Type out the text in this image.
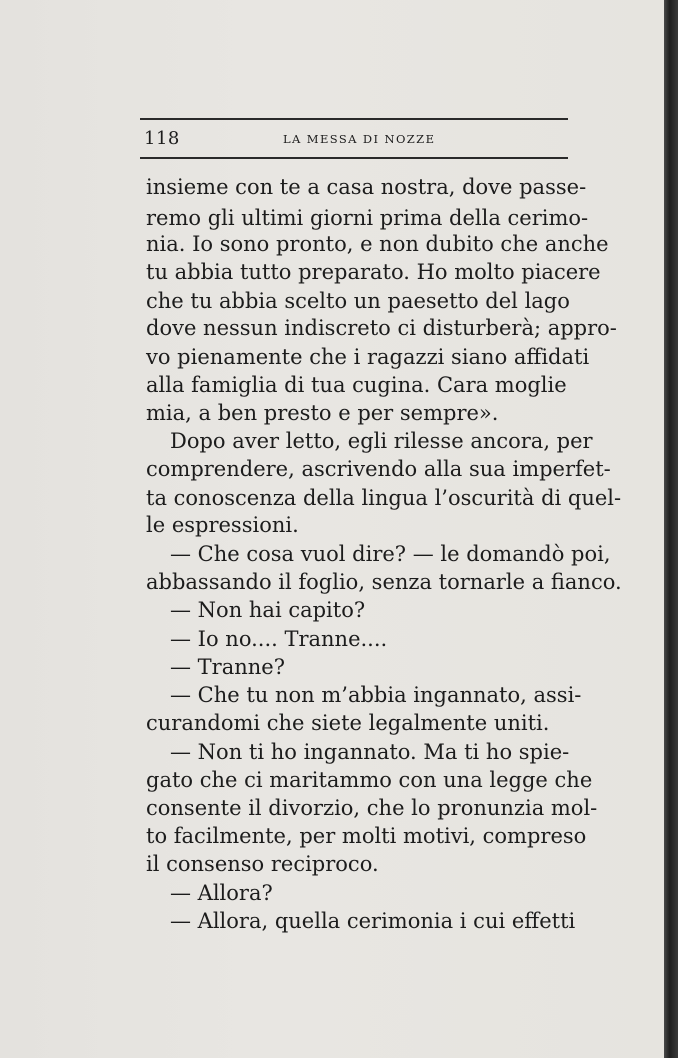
118	LA MESSA DI NOZZE
insieme con te a casa nostra, dove passe-
remo gli ultimi giorni prima della cerimo-
nia. Io sono pronto, e non dubito che anche
tu abbia tutto preparato. Ho molto piacere
che tu abbia scelto un paesetto del lago
dove nessun indiscreto ci disturberà; appro-
vo pienamente che i ragazzi siano affidati
alla famiglia di tua cugina. Cara moglie
mia, a ben presto e per sempre».
Dopo aver letto, egli rilesse ancora, per
comprendere, ascrivendo alla sua imperfet-
ta conoscenza della lingua l’oscurità di quel-
le espressioni.
— Che cosa vuol dire? — le domandò poi,
abbassando il foglio, senza tornarle a fianco.
— Non hai capito?
— Io no.... Tranne....
— Tranne?
— Che tu non m’abbia ingannato, assi-
curandomi che siete legalmente uniti.
— Non ti ho ingannato. Ma ti ho spie-
gato che ci maritammo con una legge che
consente il divorzio, che lo pronunzia mol-
to facilmente, per molti motivi, compreso
il consenso reciproco.
— Allora?
— Allora, quella cerimonia i cui effetti
